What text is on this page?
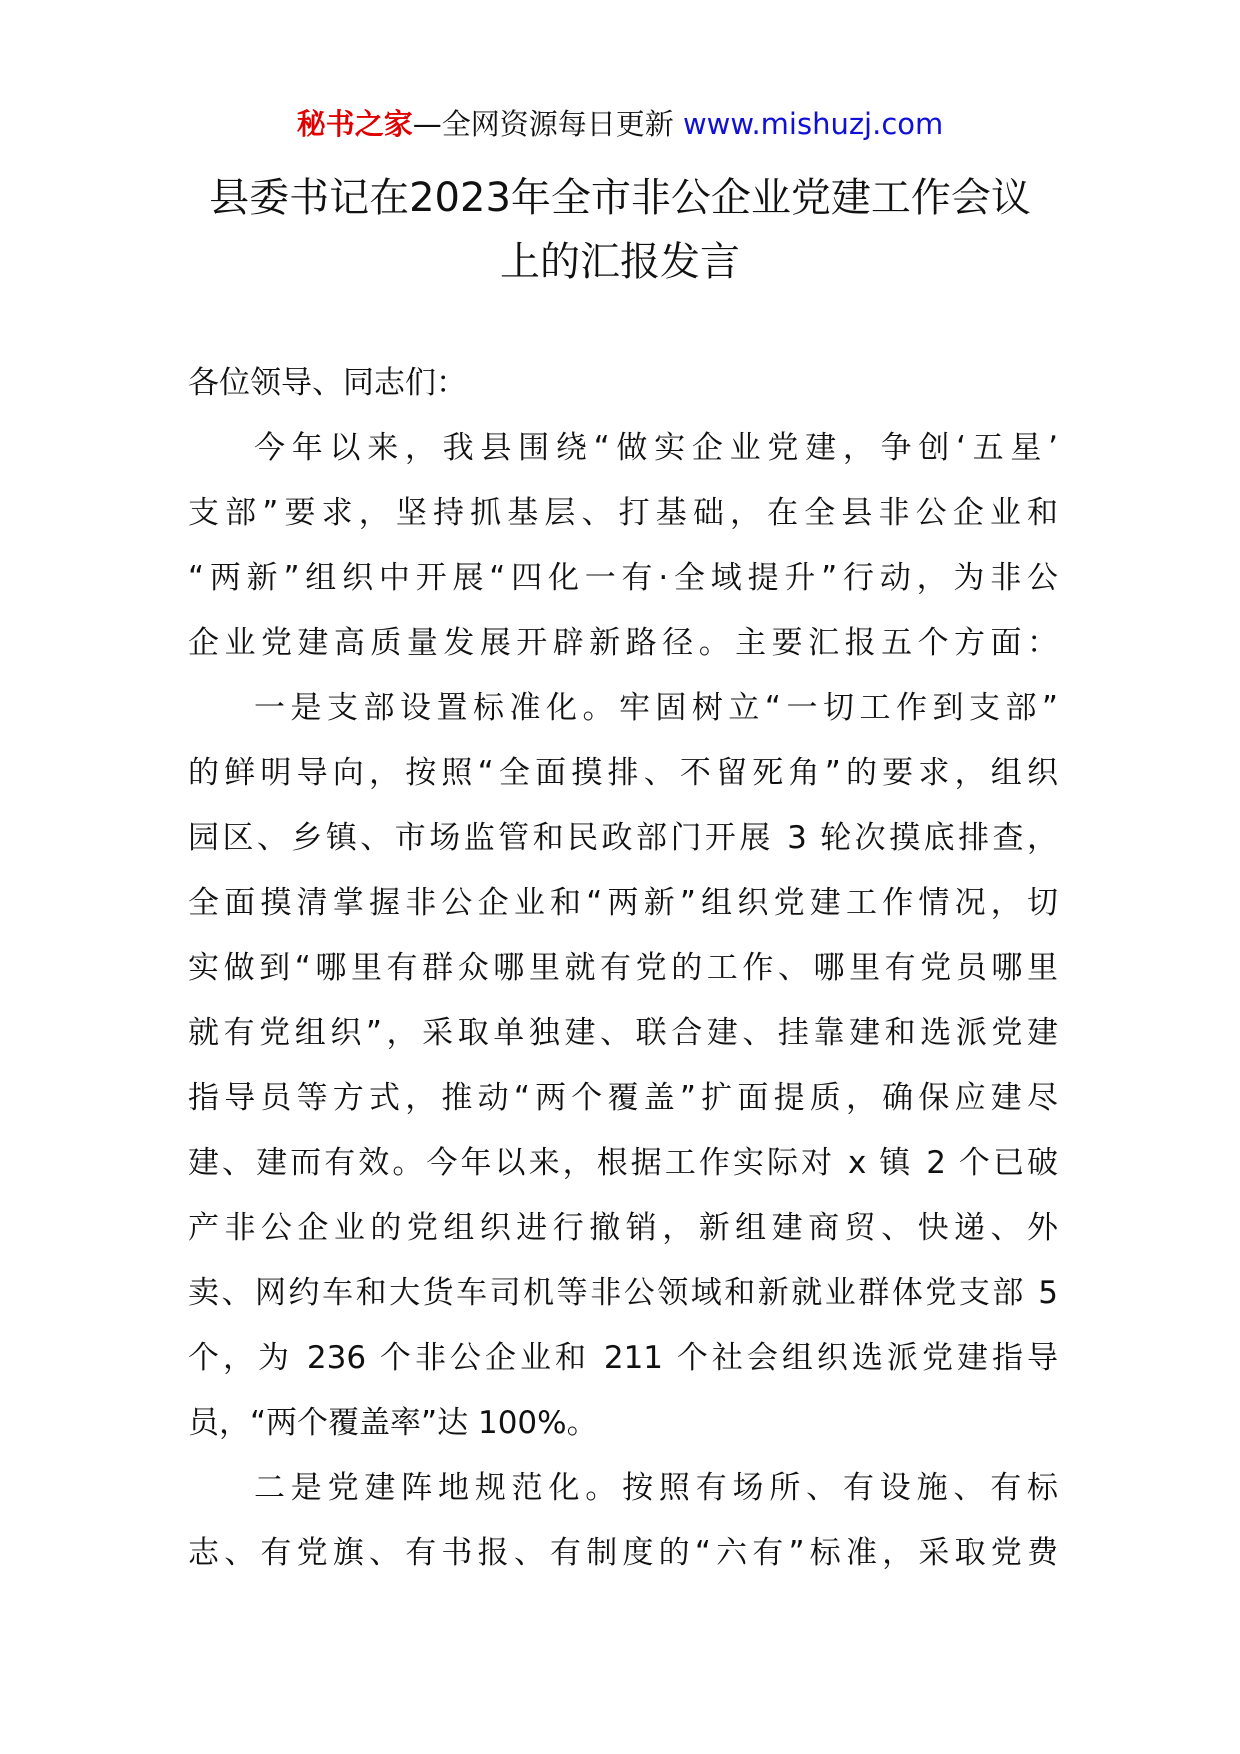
秘书之家—全网资源每日更新 www.mishuzj.com
县委书记在2023年全市非公企业党建工作会议
上的汇报发言
各位领导、同志们：
今年以来，我县围绕“做实企业党建，争创‘五星’
支部”要求，坚持抓基层、打基础，在全县非公企业和
“两新”组织中开展“四化一有·全域提升”行动，为非公
企业党建高质量发展开辟新路径。主要汇报五个方面：
一是支部设置标准化。牢固树立“一切工作到支部”
的鲜明导向，按照“全面摸排、不留死角”的要求，组织
园区、乡镇、市场监管和民政部门开展 3 轮次摸底排查，
全面摸清掌握非公企业和“两新”组织党建工作情况，切
实做到“哪里有群众哪里就有党的工作、哪里有党员哪里
就有党组织”，采取单独建、联合建、挂靠建和选派党建
指导员等方式，推动“两个覆盖”扩面提质，确保应建尽
建、建而有效。今年以来，根据工作实际对 x 镇 2 个已破
产非公企业的党组织进行撤销，新组建商贸、快递、外
卖、网约车和大货车司机等非公领域和新就业群体党支部 5
个，为 236 个非公企业和 211 个社会组织选派党建指导
员，“两个覆盖率”达 100%。
二是党建阵地规范化。按照有场所、有设施、有标
志、有党旗、有书报、有制度的“六有”标准，采取党费
